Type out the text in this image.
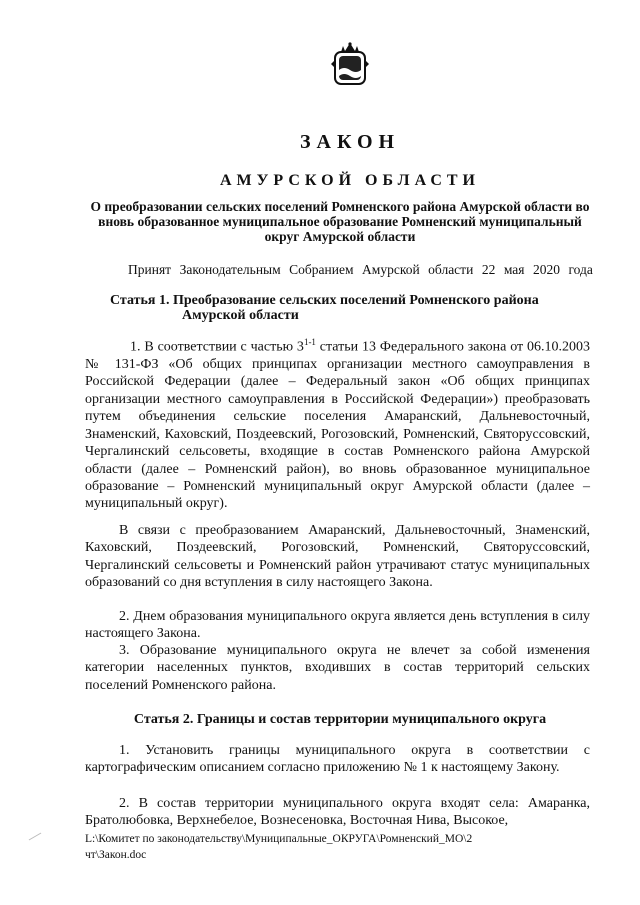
ЗАКОН
АМУРСКОЙ ОБЛАСТИ
О преобразовании сельских поселений Ромненского района Амурской области во вновь образованное муниципальное образование Ромненский муниципальный округ Амурской области
Принят Законодательным Собранием Амурской области 22 мая 2020 года
Статья 1. Преобразование сельских поселений Ромненского района
Амурской области
1. В соответствии с частью 3$^{1-1}$ статьи 13 Федерального закона от 06.10.2003 № 131-ФЗ «Об общих принципах организации местного самоуправления в Российской Федерации (далее – Федеральный закон «Об общих принципах организации местного самоуправления в Российской Федерации») преобразовать путем объединения сельские поселения Амаранский, Дальневосточный, Знаменский, Каховский, Поздеевский, Рогозовский, Ромненский, Святоруссовский, Чергалинский сельсоветы, входящие в состав Ромненского района Амурской области (далее – Ромненский район), во вновь образованное муниципальное образование – Ромненский муниципальный округ Амурской области (далее – муниципальный округ).
В связи с преобразованием Амаранский, Дальневосточный, Знаменский, Каховский, Поздеевский, Рогозовский, Ромненский, Святоруссовский, Чергалинский сельсоветы и Ромненский район утрачивают статус муниципальных образований со дня вступления в силу настоящего Закона.
2. Днем образования муниципального округа является день вступления в силу настоящего Закона.
3. Образование муниципального округа не влечет за собой изменения категории населенных пунктов, входивших в состав территорий сельских поселений Ромненского района.
Статья 2. Границы и состав территории муниципального округа
1. Установить границы муниципального округа в соответствии с картографическим описанием согласно приложению № 1 к настоящему Закону.
2. В состав территории муниципального округа входят села: Амаранка, Братолюбовка, Верхнебелое, Вознесеновка, Восточная Нива, Высокое,
L:\Комитет по законодательству\Муниципальные_ОКРУГА\Ромненский_МО\2
чт\Закон.doc
